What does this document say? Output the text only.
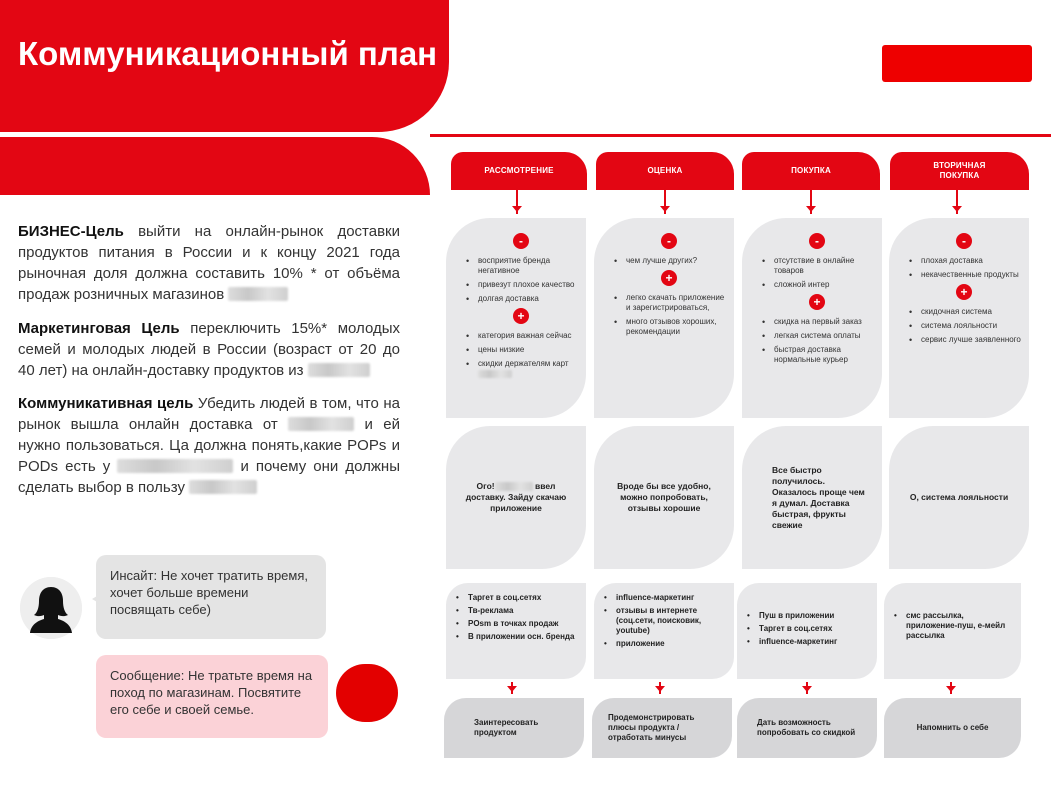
Коммуникационный план

БИЗНЕС-Цель выйти на онлайн-рынок доставки продуктов питания в России и к концу 2021 года рыночная доля должна составить 10% * от объёма продаж розничных магазинов

Маркетинговая Цель переключить 15%* молодых семей и молодых людей в России (возраст от 20 до 40 лет) на онлайн-доставку продуктов из

Коммуникативная цель Убедить людей в том, что на рынок вышла онлайн доставка от	и ей нужно пользоваться. Ца должна понять,какие POPs и PODs есть у	и почему они должны сделать выбор в пользу

Инсайт: Не хочет тратить время, хочет больше времени посвящать себе)
Сообщение: Не тратьте время на поход по магазинам. Посвятите его себе и своей семье.
РАССМОТРЕНИЕ	ОЦЕНКА	ПОКУПКА
ВТОРИЧНАЯ ПОКУПКА
-
• восприятие бренда негативное
• привезут плохое качество
• долгая доставка
+
• категория важная сейчас
• цены низкие
• скидки держателям карт
-
• чем лучше других?
+
• легко скачать приложение и зарегистрироваться,
• много отзывов хороших, рекомендации
-
• отсутствие в онлайне товаров
• сложной интер
+
• скидка на первый заказ
• легкая система оплаты
• быстрая доставка нормальные курьер
-
• плохая доставка
• некачественные продукты
+
• скидочная система
• система лояльности
• сервис лучше заявленного
Ого!	ввел доставку. Зайду скачаю приложение
Вроде бы все удобно, можно попробовать, отзывы хорошие
Все быстро получилось. Оказалось проще чем я думал. Доставка быстрая, фрукты свежие
О, система лояльности
• Таргет в соц.сетях
• Тв-реклама
• POsm в точках продаж
• В приложении осн. бренда
• influence-маркетинг
• отзывы в интернете (соц.сети, поисковик, youtube)
• приложение
• Пуш в приложении
• Таргет в соц.сетях
• influence-маркетинг
• смс рассылка, приложение-пуш, е-мейл рассылка
Заинтересовать продуктом
Продемонстрировать плюсы продукта / отработать минусы
Дать возможность попробовать со скидкой
Напомнить о себе
